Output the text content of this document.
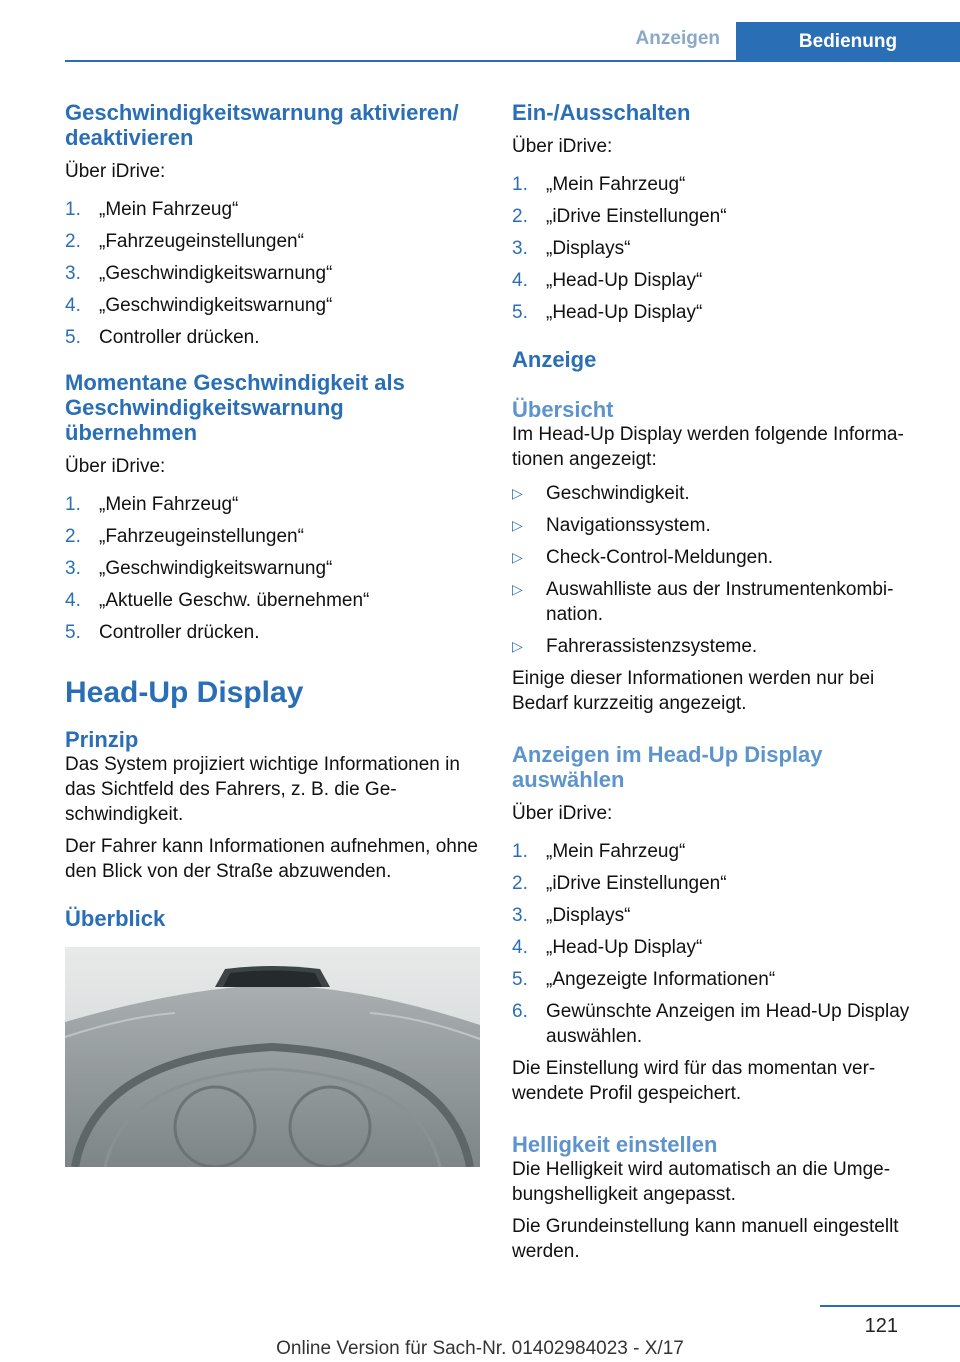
Anzeigen	Bedienung
Geschwindigkeitswarnung aktivieren/ deaktivieren

Über iDrive:

1. „Mein Fahrzeug“
2. „Fahrzeugeinstellungen“
3. „Geschwindigkeitswarnung“
4. „Geschwindigkeitswarnung“
5. Controller drücken.
Momentane Geschwindigkeit als Geschwindigkeitswarnung übernehmen

Über iDrive:

1. „Mein Fahrzeug“
2. „Fahrzeugeinstellungen“
3. „Geschwindigkeitswarnung“
4. „Aktuelle Geschw. übernehmen“
5. Controller drücken.
Head-Up Display
Prinzip

Das System projiziert wichtige Informationen in das Sichtfeld des Fahrers, z. B. die Ge- schwindigkeit.

Der Fahrer kann Informationen aufnehmen, ohne den Blick von der Straße abzuwenden.

Überblick
Ein-/Ausschalten

Über iDrive:

1. „Mein Fahrzeug“
2. „iDrive Einstellungen“
3. „Displays“
4. „Head-Up Display“
5. „Head-Up Display“
Anzeige
Übersicht

Im Head-Up Display werden folgende Informa- tionen angezeigt:

▷ Geschwindigkeit.
▷ Navigationssystem.
▷ Check-Control-Meldungen.
▷ Auswahlliste aus der Instrumentenkombi- nation.
▷ Fahrerassistenzsysteme.

Einige dieser Informationen werden nur bei Bedarf kurzzeitig angezeigt.

Anzeigen im Head-Up Display auswählen

Über iDrive:

1. „Mein Fahrzeug“
2. „iDrive Einstellungen“
3. „Displays“
4. „Head-Up Display“
5. „Angezeigte Informationen“
6. Gewünschte Anzeigen im Head-Up Display auswählen.

Die Einstellung wird für das momentan ver- wendete Profil gespeichert.

Helligkeit einstellen

Die Helligkeit wird automatisch an die Umge- bungshelligkeit angepasst.

Die Grundeinstellung kann manuell eingestellt werden.

121
Online Version für Sach-Nr. 01402984023 - X/17
